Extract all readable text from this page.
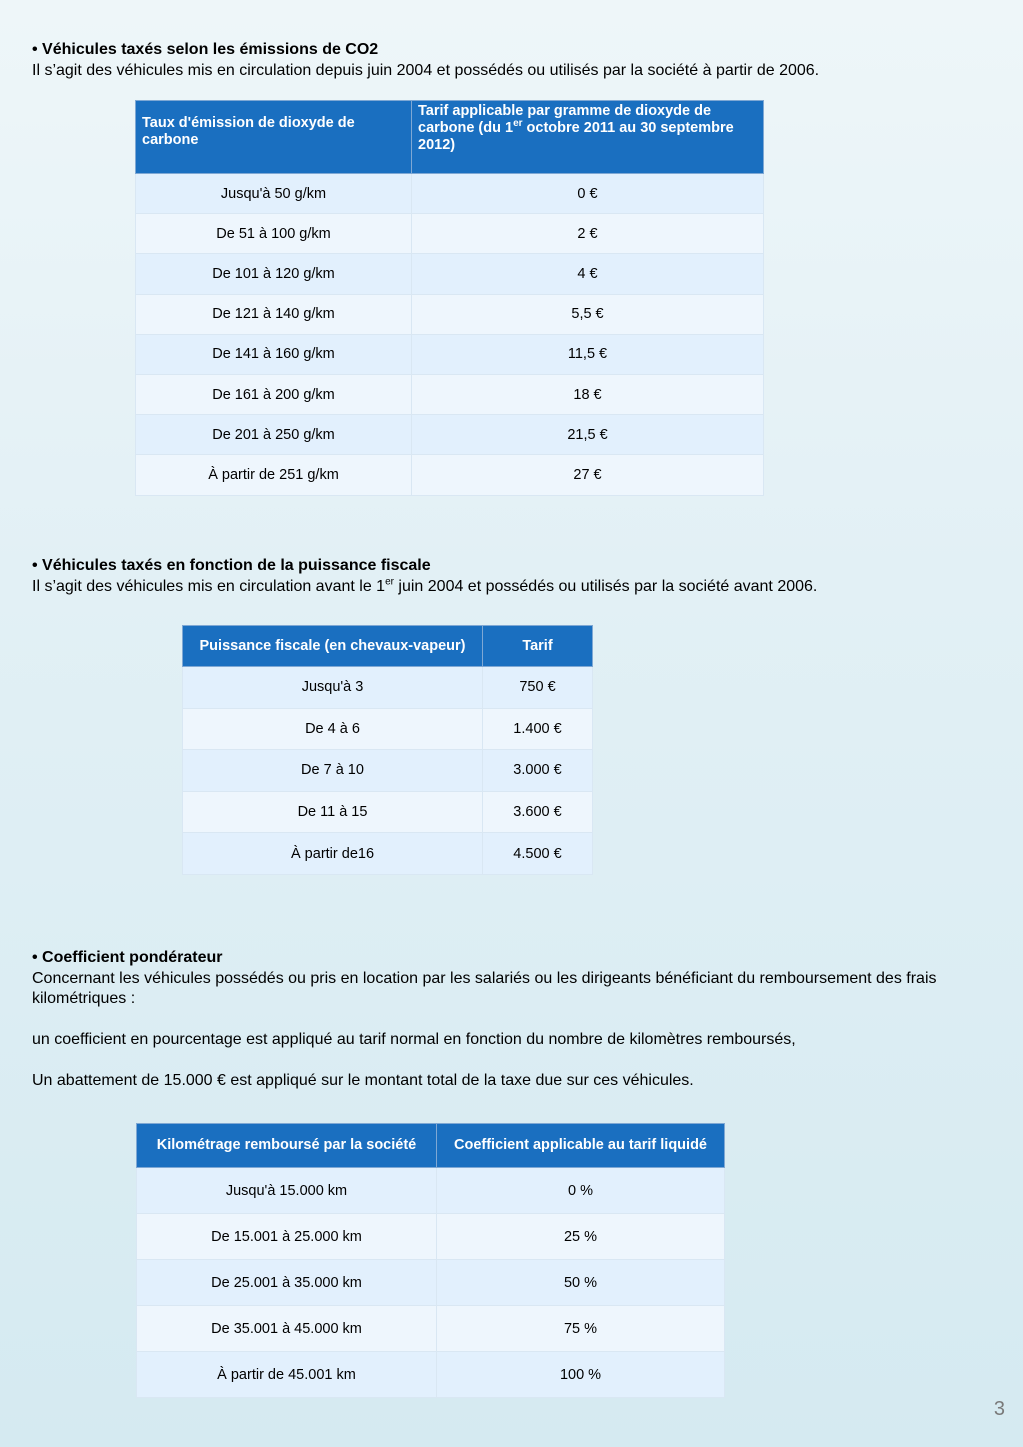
• Véhicules taxés selon les émissions de CO2
Il s’agit des véhicules mis en circulation depuis juin 2004 et possédés ou utilisés par la société à partir de 2006.
Taux d'émission de dioxyde de carbone	Tarif applicable par gramme de dioxyde de carbone (du 1er octobre 2011 au 30 septembre 2012)
Jusqu'à 50 g/km	0 €
De 51 à 100 g/km	2 €
De 101 à 120 g/km	4 €
De 121 à 140 g/km	5,5 €
De 141 à 160 g/km	11,5 €
De 161 à 200 g/km	18 €
De 201 à 250 g/km	21,5 €
À partir de 251 g/km	27 €
• Véhicules taxés en fonction de la puissance fiscale
Il s’agit des véhicules mis en circulation avant le 1er juin 2004 et possédés ou utilisés par la société avant 2006.
Puissance fiscale (en chevaux-vapeur)	Tarif
Jusqu'à 3	750 €
De 4 à 6	1.400 €
De 7 à 10	3.000 €
De 11 à 15	3.600 €
À partir de16	4.500 €
• Coefficient pondérateur
Concernant les véhicules possédés ou pris en location par les salariés ou les dirigeants bénéficiant du remboursement des frais kilométriques :
un coefficient en pourcentage est appliqué au tarif normal en fonction du nombre de kilomètres remboursés,
Un abattement de 15.000 € est appliqué sur le montant total de la taxe due sur ces véhicules.
Kilométrage remboursé par la société	Coefficient applicable au tarif liquidé
Jusqu'à 15.000 km	0 %
De 15.001 à 25.000 km	25 %
De 25.001 à 35.000 km	50 %
De 35.001 à 45.000 km	75 %
À partir de 45.001 km	100 %
3
